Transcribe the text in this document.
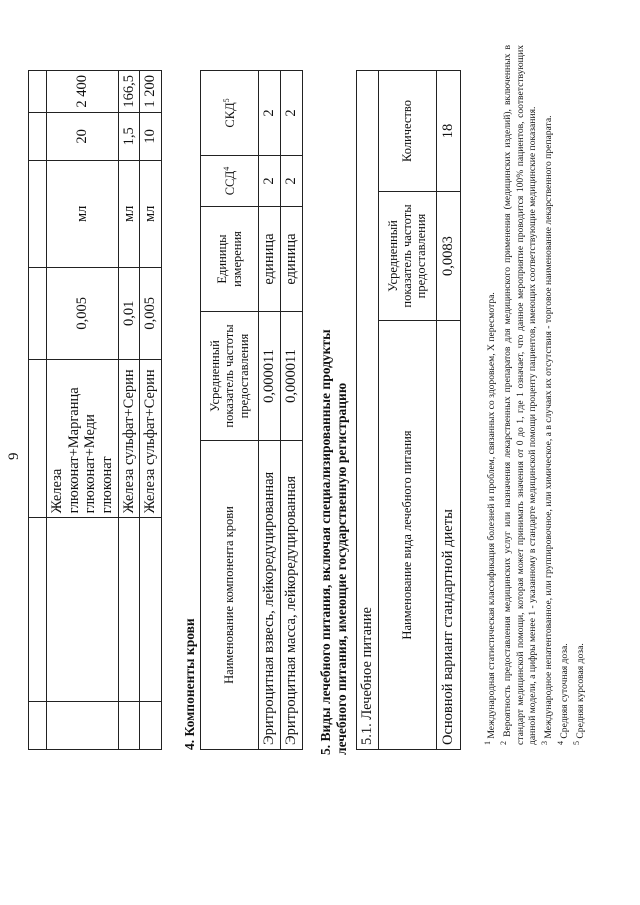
9

		Железа глюконат+Марганца глюконат+Меди глюконат	0,005	мл	20	2 400
		Железа сульфат+Серин	0,01	мл	1,5	166,5
		Железа сульфат+Серин	0,005	мл	10	1 200
4. Компоненты крови
Наименование компонента крови	Усредненный показатель частоты предоставления	Единицы измерения	ССД$^4$	СКД$^5$
Эритроцитная взвесь, лейкоредуцированная	0,000011	единица	2	2
Эритроцитная масса, лейкоредуцированная	0,000011	единица	2	2
5. Виды лечебного питания, включая специализированные продукты лечебного питания, имеющие государственную регистрацию 5.1. Лечебное питание		
Наименование вида лечебного питания	Усредненный показатель частоты предоставления	Количество
Основной вариант стандартной диеты	0,0083	18
$^1$ Международная статистическая классификация болезней и проблем, связанных со здоровьем, X пересмотра.
$^2$ Вероятность предоставления медицинских услуг или назначения лекарственных препаратов для медицинского применения (медицинских изделий), включенных в стандарт медицинской помощи, которая может принимать значения от 0 до 1, где 1 означает, что данное мероприятие проводится 100% пациентов, соответствующих данной модели, а цифры менее 1 - указанному в стандарте медицинской помощи проценту пациентов, имеющих соответствующие медицинские показания. $^3$ Международное непатентованное, или группировочное, или химическое, а в случаях их отсутствия - торговое наименование лекарственного препарата.
$^4$ Средняя суточная доза.
$^5$ Средняя курсовая доза.
